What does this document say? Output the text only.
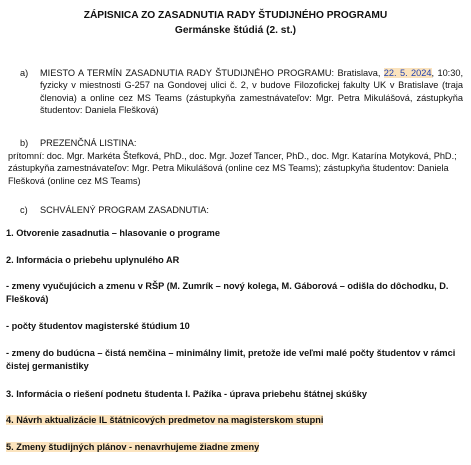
ZÁPISNICA ZO ZASADNUTIA RADY ŠTUDIJNÉHO PROGRAMU
Germánske štúdiá (2. st.)
a) MIESTO A TERMÍN ZASADNUTIA RADY ŠTUDIJNÉHO PROGRAMU: Bratislava, 22. 5. 2024, 10:30, fyzicky v miestnosti G-257 na Gondovej ulici č. 2, v budove Filozofickej fakulty UK v Bratislave (traja členovia) a online cez MS Teams (zástupkyňa zamestnávateľov: Mgr. Petra Mikulášová, zástupkyňa študentov: Daniela Flešková)
b) PREZENČNÁ LISTINA:
prítomní: doc. Mgr. Markéta Štefková, PhD., doc. Mgr. Jozef Tancer, PhD., doc. Mgr. Katarína Motyková, PhD.; zástupkyňa zamestnávateľov: Mgr. Petra Mikulášová (online cez MS Teams); zástupkyňa študentov: Daniela Flešková (online cez MS Teams)
c) SCHVÁLENÝ PROGRAM ZASADNUTIA:
1. Otvorenie zasadnutia – hlasovanie o programe
2. Informácia o priebehu uplynulého AR
- zmeny vyučujúcich a zmenu v RŠP (M. Zumrík – nový kolega, M. Gáborová – odišla do dôchodku, D. Flešková)
- počty študentov magisterské štúdium 10
- zmeny do budúcna – čistá nemčina – minimálny limit, pretože ide veľmi malé počty študentov v rámci čistej germanistiky
3. Informácia o riešení podnetu študenta I. Pažíka - úprava priebehu štátnej skúšky
4. Návrh aktualizácie IL štátnicových predmetov na magisterskom stupni
5. Zmeny študijných plánov - nenavrhujeme žiadne zmeny
